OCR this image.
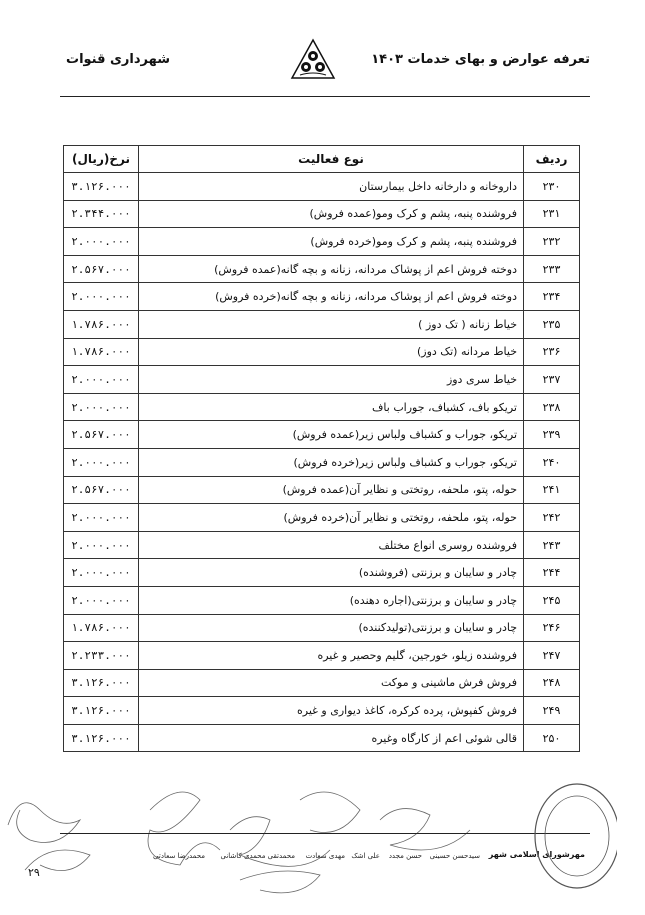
تعرفه عوارض و بهای خدمات ۱۴۰۳
شهرداری قنوات
ردیف	نوع فعالیت	نرخ(ریال)
۲۳۰	داروخانه و دارخانه داخل بیمارستان	۳.۱۲۶.۰۰۰
۲۳۱	فروشنده پنبه، پشم و کرک ومو(عمده فروش)	۲.۳۴۴.۰۰۰
۲۳۲	فروشنده پنبه، پشم و کرک ومو(خرده فروش)	۲.۰۰۰.۰۰۰
۲۳۳	دوخته فروش اعم از پوشاک مردانه، زنانه و بچه گانه(عمده فروش)	۲.۵۶۷.۰۰۰
۲۳۴	دوخته فروش اعم از پوشاک مردانه، زنانه و بچه گانه(خرده فروش)	۲.۰۰۰.۰۰۰
۲۳۵	خیاط زنانه ( تک دوز )	۱.۷۸۶.۰۰۰
۲۳۶	خیاط مردانه (تک دوز)	۱.۷۸۶.۰۰۰
۲۳۷	خیاط سری دوز	۲.۰۰۰.۰۰۰
۲۳۸	تریکو باف، کشباف، جوراب باف	۲.۰۰۰.۰۰۰
۲۳۹	تریکو، جوراب و کشباف ولباس زیر(عمده فروش)	۲.۵۶۷.۰۰۰
۲۴۰	تریکو، جوراب و کشباف ولباس زیر(خرده فروش)	۲.۰۰۰.۰۰۰
۲۴۱	حوله، پتو، ملحفه، روتختی و نظایر آن(عمده فروش)	۲.۵۶۷.۰۰۰
۲۴۲	حوله، پتو، ملحفه، روتختی و نظایر آن(خرده فروش)	۲.۰۰۰.۰۰۰
۲۴۳	فروشنده روسری انواع مختلف	۲.۰۰۰.۰۰۰
۲۴۴	چادر و سایبان و برزنتی (فروشنده)	۲.۰۰۰.۰۰۰
۲۴۵	چادر و سایبان و برزنتی(اجاره دهنده)	۲.۰۰۰.۰۰۰
۲۴۶	چادر و سایبان و برزنتی(تولیدکننده)	۱.۷۸۶.۰۰۰
۲۴۷	فروشنده زیلو، خورجین، گلیم وحصیر و غیره	۲.۲۳۳.۰۰۰
۲۴۸	فروش فرش ماشینی و موکت	۳.۱۲۶.۰۰۰
۲۴۹	فروش کفپوش، پرده کرکره، کاغذ دیواری و غیره	۳.۱۲۶.۰۰۰
۲۵۰	قالی شوئی اعم از کارگاه وغیره	۳.۱۲۶.۰۰۰
مهرشورای اسلامی شهر
سیدحسن حسینی
حسن مجدد
علی اشک
مهدی سعادت
محمدتقی محمدی کاشانی
محمدرضا سعادتی
۲۹
